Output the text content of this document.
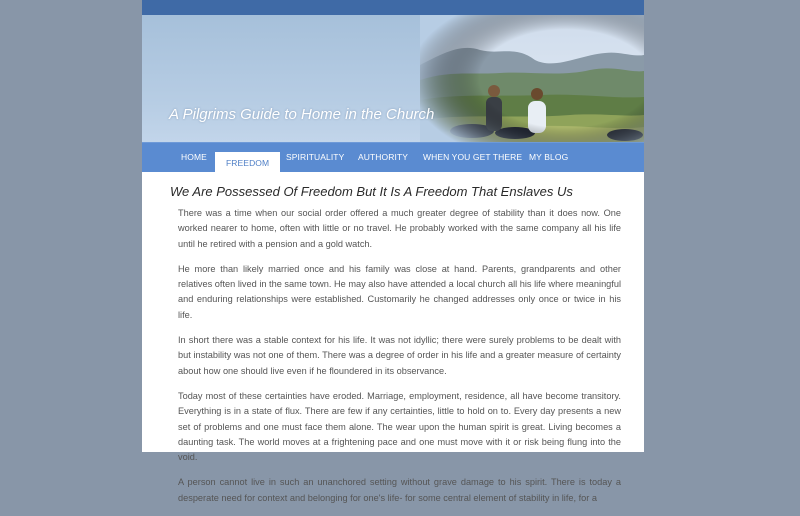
A Pilgrims Guide to Home in the Church
HOME
FREEDOM
SPIRITUALITY AUTHORITY WHEN YOU GET THERE MY BLOG
We Are Possessed Of Freedom But It Is A Freedom That Enslaves Us

There was a time when our social order offered a much greater degree of stability than it does now. One worked nearer to home, often with little or no travel. He probably worked with the same company all his life until he retired with a pension and a gold watch.

He more than likely married once and his family was close at hand. Parents, grandparents and other relatives often lived in the same town. He may also have attended a local church all his life where meaningful and enduring relationships were established. Customarily he changed addresses only once or twice in his life.

In short there was a stable context for his life. It was not idyllic; there were surely problems to be dealt with but instability was not one of them. There was a degree of order in his life and a greater measure of certainty about how one should live even if he floundered in its observance.

Today most of these certainties have eroded. Marriage, employment, residence, all have become transitory. Everything is in a state of flux. There are few if any certainties, little to hold on to. Every day presents a new set of problems and one must face them alone. The wear upon the human spirit is great. Living becomes a daunting task. The world moves at a frightening pace and one must move with it or risk being flung into the void.

A person cannot live in such an unanchored setting without grave damage to his spirit. There is today a desperate need for context and belonging for one's life- for some central element of stability in life, for a
